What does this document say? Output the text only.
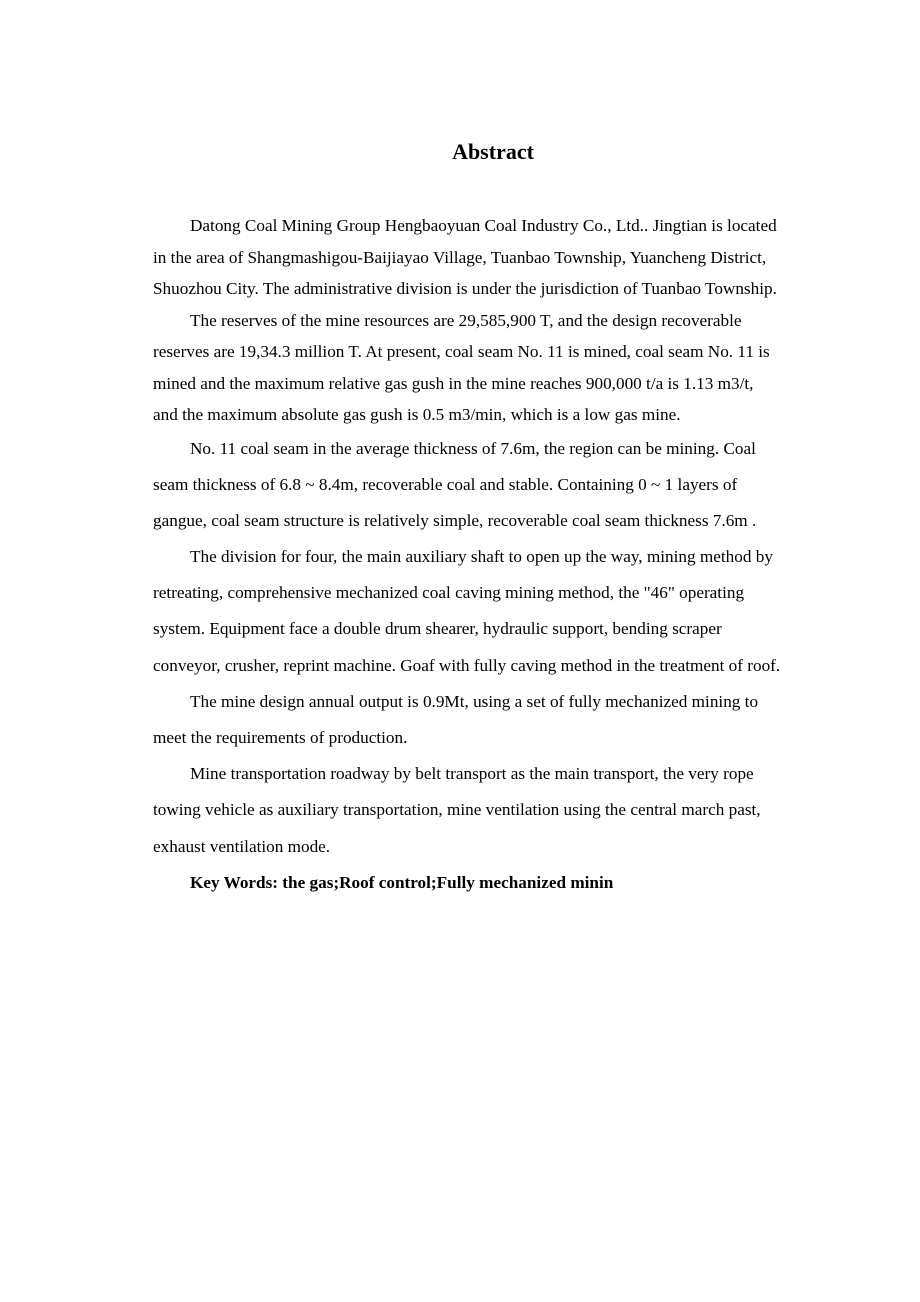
Abstract

Datong Coal Mining Group Hengbaoyuan Coal Industry Co., Ltd.. Jingtian is located
in the area of Shangmashigou-Baijiayao Village, Tuanbao Township, Yuancheng District,
Shuozhou City. The administrative division is under the jurisdiction of Tuanbao Township.

The reserves of the mine resources are 29,585,900 T, and the design recoverable
reserves are 19,34.3 million T. At present, coal seam No. 11 is mined, coal seam No. 11 is
mined and the maximum relative gas gush in the mine reaches 900,000 t/a is 1.13 m3/t,
and the maximum absolute gas gush is 0.5 m3/min, which is a low gas mine.

No. 11 coal seam in the average thickness of 7.6m, the region can be mining. Coal
seam thickness of 6.8 ~ 8.4m, recoverable coal and stable. Containing 0 ~ 1 layers of
gangue, coal seam structure is relatively simple, recoverable coal seam thickness 7.6m .

The division for four, the main auxiliary shaft to open up the way, mining method by
retreating, comprehensive mechanized coal caving mining method, the "46" operating
system. Equipment face a double drum shearer, hydraulic support, bending scraper
conveyor, crusher, reprint machine. Goaf with fully caving method in the treatment of roof.

The mine design annual output is 0.9Mt, using a set of fully mechanized mining to
meet the requirements of production.

Mine transportation roadway by belt transport as the main transport, the very rope
towing vehicle as auxiliary transportation, mine ventilation using the central march past,
exhaust ventilation mode.

Key Words: the gas;Roof control;Fully mechanized minin
